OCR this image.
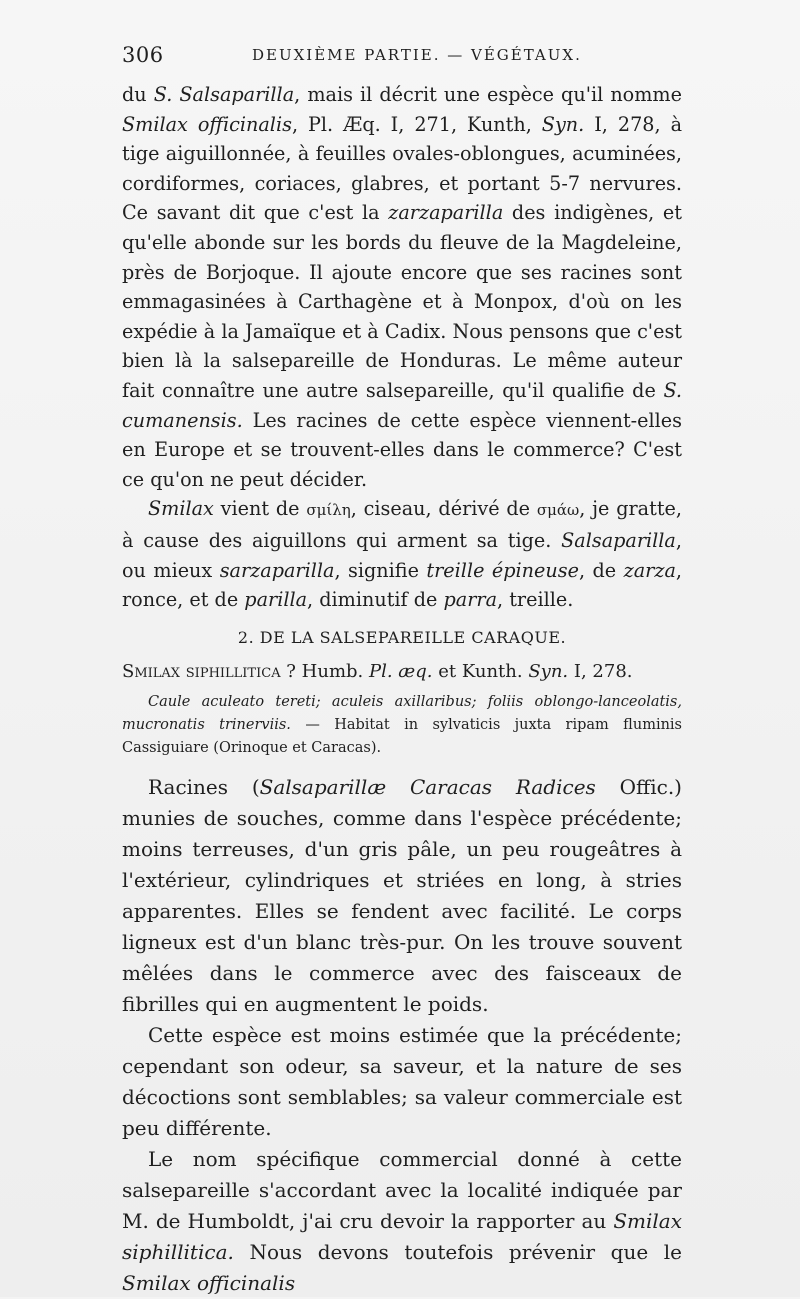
306	DEUXIÈME PARTIE. — VÉGÉTAUX.

du S. Salsaparilla, mais il décrit une espèce qu'il nomme Smilax officinalis, Pl. Æq. I, 271, Kunth, Syn. I, 278, à tige aiguillonnée, à feuilles ovales-oblongues, acuminées, cordiformes, coriaces, glabres, et portant 5-7 nervures. Ce savant dit que c'est la zarzaparilla des indigènes, et qu'elle abonde sur les bords du fleuve de la Magdeleine, près de Borjoque. Il ajoute encore que ses racines sont emmagasinées à Carthagène et à Monpox, d'où on les expédie à la Jamaïque et à Cadix. Nous pensons que c'est bien là la salsepareille de Honduras. Le même auteur fait connaître une autre salsepareille, qu'il qualifie de S. cumanensis. Les racines de cette espèce viennent-elles en Europe et se trouvent-elles dans le commerce? C'est ce qu'on ne peut décider.

Smilax vient de σμίλη, ciseau, dérivé de σμάω, je gratte, à cause des aiguillons qui arment sa tige. Salsaparilla, ou mieux sarzaparilla, signifie treille épineuse, de zarza, ronce, et de parilla, diminutif de parra, treille.

2. DE LA SALSEPAREILLE CARAQUE.

Smilax siphillitica ? Humb. Pl. æq. et Kunth. Syn. I, 278.

Caule aculeato tereti; aculeis axillaribus; foliis oblongo-lanceolatis, mucronatis trinerviis. — Habitat in sylvaticis juxta ripam fluminis Cassiguiare (Orinoque et Caracas).

Racines (Salsaparillæ Caracas Radices Offic.) munies de souches, comme dans l'espèce précédente; moins terreuses, d'un gris pâle, un peu rougeâtres à l'extérieur, cylindriques et striées en long, à stries apparentes. Elles se fendent avec facilité. Le corps ligneux est d'un blanc très-pur. On les trouve souvent mêlées dans le commerce avec des faisceaux de fibrilles qui en augmentent le poids.

Cette espèce est moins estimée que la précédente; cependant son odeur, sa saveur, et la nature de ses décoctions sont semblables; sa valeur commerciale est peu différente.

Le nom spécifique commercial donné à cette salsepareille s'accordant avec la localité indiquée par M. de Humboldt, j'ai cru devoir la rapporter au Smilax siphillitica. Nous devons toutefois prévenir que le Smilax officinalis
